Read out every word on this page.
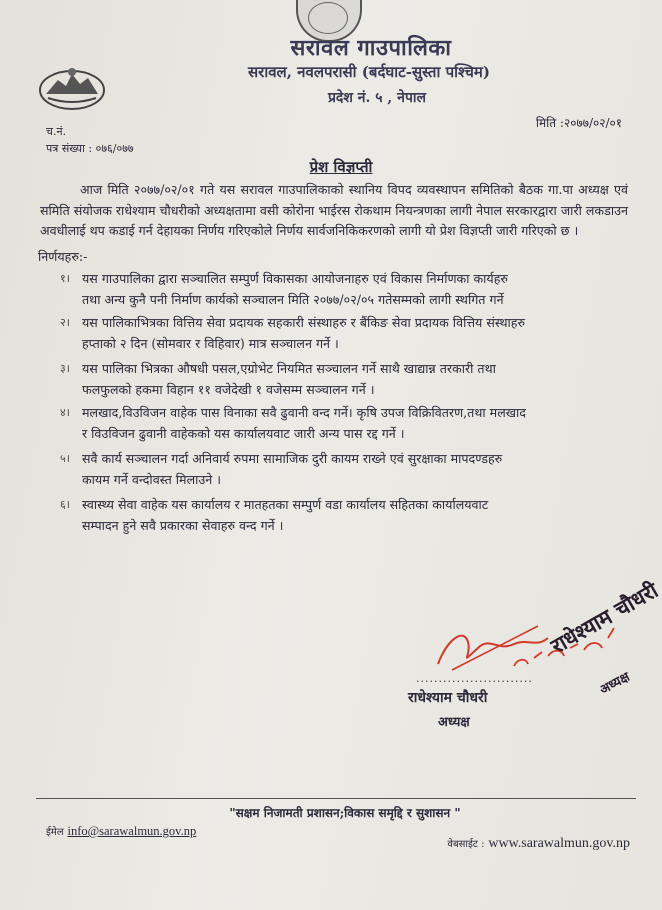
सरावल गाउपालिका
सरावल, नवलपरासी (बर्दघाट-सुस्ता पश्चिम)
प्रदेश नं. ५ , नेपाल
मिति :२०७७/०२/०१
च.नं.
पत्र संख्या : ०७६/०७७
प्रेश विज्ञप्ती
आज मिति २०७७/०२/०१ गते यस सरावल गाउपालिकाको स्थानिय विपद व्यवस्थापन समितिको बैठक गा.पा अध्यक्ष एवं समिति संयोजक राधेश्याम चौधरीको अध्यक्षतामा वसी कोरोना भाईरस रोकथाम नियन्त्रणका लागी नेपाल सरकारद्वारा जारी लकडाउन अवधीलाई थप कडाई गर्न देहायका निर्णय गरिएकोले निर्णय सार्वजनिकिकरणको लागी यो प्रेश विज्ञप्ती जारी गरिएको छ ।
निर्णयहरु:-
१। यस गाउपालिका द्वारा सञ्चालित सम्पुर्ण विकासका आयोजनाहरु एवं विकास निर्माणका कार्यहरु
तथा अन्य कुनै पनी निर्माण कार्यको सञ्चालन मिति २०७७/०२/०५ गतेसम्मको लागी स्थगित गर्ने
२। यस पालिकाभित्रका वित्तिय सेवा प्रदायक सहकारी संस्थाहरु र बैंकिङ सेवा प्रदायक वित्तिय संस्थाहरु
हप्ताको २ दिन (सोमवार र विहिवार) मात्र सञ्चालन गर्ने ।
३। यस पालिका भित्रका औषधी पसल,एग्रोभेट नियमित सञ्चालन गर्ने साथै खाद्यान्न तरकारी तथा
फलफुलको हकमा विहान ११ वजेदेखी १ वजेसम्म सञ्चालन गर्ने ।
४। मलखाद,विउविजन वाहेक पास विनाका सवै ढुवानी वन्द गर्ने। कृषि उपज विक्रिवितरण,तथा मलखाद
र विउविजन ढुवानी वाहेकको यस कार्यालयवाट जारी अन्य पास रद्द गर्ने ।
५। सवै कार्य सञ्चालन गर्दा अनिवार्य रुपमा सामाजिक दुरी कायम राख्ने एवं सुरक्षाका मापदण्डहरु
कायम गर्ने वन्दोवस्त मिलाउने ।
६। स्वास्थ्य सेवा वाहेक यस कार्यालय र मातहतका सम्पुर्ण वडा कार्यालय सहितका कार्यालयवाट
सम्पादन हुने सवै प्रकारका सेवाहरु वन्द गर्ने ।
..........................
राधेश्याम चौधरी
अध्यक्ष
राधेश्याम चौधरी
अध्यक्ष
"सक्षम निजामती प्रशासन;विकास समृद्दि र सुशासन "
ईमेल info@sarawalmun.gov.np
वेबसाईट : www.sarawalmun.gov.np
